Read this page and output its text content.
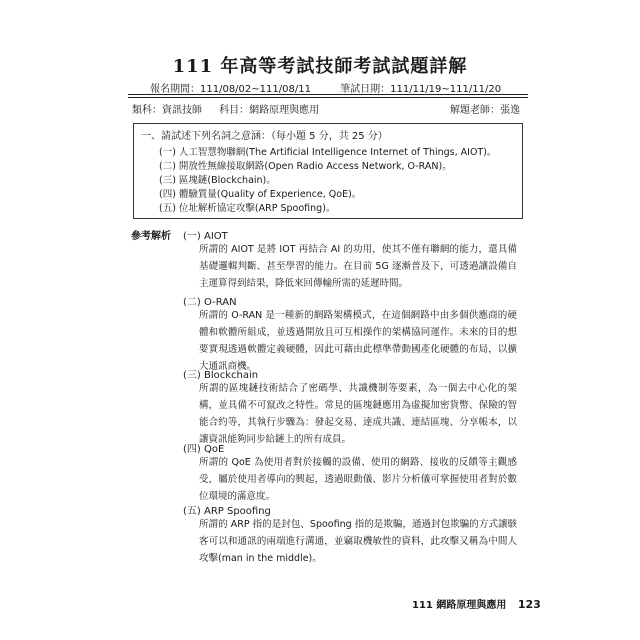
111 年高等考試技師考試試題詳解
報名期間：111/08/02~111/08/11	筆試日期：111/11/19~111/11/20
類科：資訊技師 科目：網路原理與應用	解題老師：張逸
一、請試述下列名詞之意涵：（每小題 5 分，共 25 分）
(一) 人工智慧物聯網(The Artificial Intelligence Internet of Things, AIOT)。
(二) 開放性無線接取網路(Open Radio Access Network, O-RAN)。
(三) 區塊鏈(Blockchain)。
(四) 體驗質量(Quality of Experience, QoE)。
(五) 位址解析協定攻擊(ARP Spoofing)。
參考解析 (一) AIOT
所謂的 AIOT 是將 IOT 再結合 AI 的功用，使其不僅有聯網的能力，還具備基礎邏輯判斷、甚至學習的能力。在目前 5G 逐漸普及下，可透過讓設備自主運算得到結果，降低來回傳輸所需的延遲時間。
(二) O-RAN
所謂的 O-RAN 是一種新的網路架構模式，在這個網路中由多個供應商的硬體和軟體所組成，並透過開放且可互相操作的架構協同運作。未來的目的想要實現透過軟體定義硬體，因此可藉由此標準帶動國產化硬體的布局，以擴大通訊商機。
(三) Blockchain
所謂的區塊鏈技術結合了密碼學、共識機制等要素，為一個去中心化的架構，並具備不可竄改之特性。常見的區塊鏈應用為虛擬加密貨幣、保險的智能合約等，其執行步驟為：發起交易、達成共識、連結區塊、分享帳本，以讓資訊能夠同步給鏈上的所有成員。
(四) QoE
所謂的 QoE 為使用者對於接觸的設備、使用的網路、接收的反饋等主觀感受，屬於使用者導向的興起，透過眼動儀、影片分析儀可掌握使用者對於數位環境的滿意度。
(五) ARP Spoofing
所謂的 ARP 指的是封包、Spoofing 指的是欺騙，通過封包欺騙的方式讓駭客可以和通訊的兩端進行溝通，並竊取機敏性的資料，此攻擊又稱為中間人攻擊(man in the middle)。
111 網路原理與應用 123
